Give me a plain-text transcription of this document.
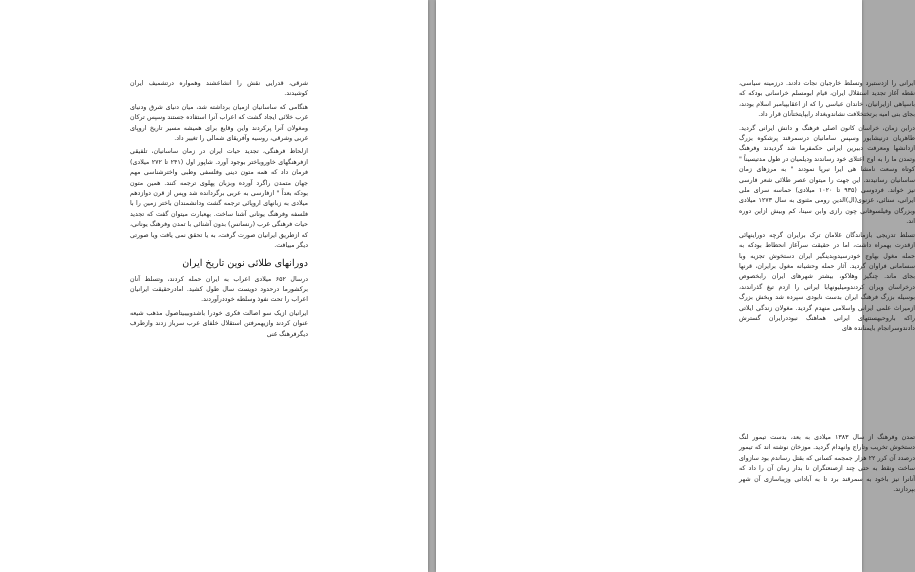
شرقی، قدرایی نقش را انشاعشند وهمواره درتشمیف ایران کوشیدند.

هنگامی که ساسانیان ازمیان برداشته شد، میان دنیای شرق ودنیای غرب خلائی ایجاد گشت که اعراب آنرا استفاده جستند وسپس ترکان ومغولان آنرا پرکردند واین وقایع برای همیشه مسیر تاریخ اروپای غربی وشرقی، روسیه وآفریقای شمالی را تغییر داد.

ازلحاظ فرهنگی، تجدید حیات ایران در زمان ساسانیان، تلفیقی ازفرهنگهای خاوروباختر بوجود آورد. شاپور اول (۲۴۱ تا ۲۷۲ میلادی) فرمان داد که همه متون دینی وفلسفی وطبی واخترشناسی مهم جهان متمدن راگرد آورده وبزبان پهلوی ترجمه کنند. همین متون بودکه بعداً " ازفارسی به عربی برگردانده شد وپس از قرن دوازدهم میلادی به زبانهای اروپائی ترجمه گشت ودانشمندان باختر زمین را با فلسفه وفرهنگ یونانی آشنا ساخت. بهعبارت میتوان گفت که تجدید حیات فرهنگی غرب (رنسانس) بدون آشنائی با تمدن وفرهنگ یونانی، که ازطریق ایرانیان صورت گرفت، به یا تحقق نمی یافت ویا صورتی دیگر مییافت.

دورانهای طلائی نوین تاریخ ایران

درسال ۶۵۲ میلادی اعراب به ایران حمله کردند، وتسلط آنان برکشورما درحدود دویست سال طول کشید. امادرحقیقت ایرانیان اعراب را تحت نفوذ وسلطه خوددرآوردند.

ایرانیان ازیک سو اصالت فکری خودرا باشدوبیبیتاصول مذهب شیعه عنوان کردند وازیهمرفتن استقلال خلفای عرب سرباز زدند وازطرف دیگرفرهنگ غنی

ایرانی را ازدستبرد وتسلط خارجیان نجات دادند. درزمینه سیاسی، نقطه آغاز تجدید استقلال ایران، قیام ابومسلم خراسانی بودکه که باسپاهی ازایرانیان، خاندان عباسی را که از اعقابپیامبر اسلام بودند، بجای بنی امیه برتختخلافت نشاندوبغداد رابپایتختآنان قرار داد.

دراین زمان، خراسان کانون اصلی فرهنگ و دانش ایرانی گردید. طاهریان درنیشابور وسپس سامانیان درسمرقند پرشکوه بزرگ ازدانشها ومعرفت دبیرین ایرانی حکمفرما شد گردیدند وفرهنگ وتمدن ما را به اوج اعتلای خود رساندند ودیلمیان در طول مدتیسیناً " کوتاه وسعت نامشا هی ایرا نبرپا نمودند " به مرزهای زمان ساسانیان رسانیدند. این جهت را میتوان عصر طلائی شعر فارسی نیز خواند. فردوسی (۹۳۵ تا ۱۰۲۰ میلادی) حماسه سرای ملی ایرانی، سنائی، غزنوی(ال)الدین رومی مثنوی به سال ۱۲۷۳ میلادی وبزرگان وفیلسوفانی چون رازی وابن سینا، کم وبیش ازاین دوره اند.

تسلط تدریجی بازماندگان غلامان ترک برایران گرچه دوراینهائی ازقدرت بهمراه داشت، اما در حقیقت سرآغاز انحطاط بودکه به حمله مغول بهاوج خودرسیدوبدینگیر ایران دستخوش تجزیه وبا سسامانی فراوان گردید. آثار حمله وحشیانه مغول برایران، قرنها بجای ماند. چنگیز وهلاکو، بیشتر شهرهای ایران رابخصوص درخراسان ویران کردندومیلیونهابا ایرانی را ازدم تیغ گذراندند، بوسیله بزرگ فرهنگ ایران بدست نابودی سپرده شد وبخش بزرگ ازمیراث علمی ایرانی واسلامی منهدم گردید. مغولان زندگی ایلاتی راکه باروحیهسنتهای ایرانی هماهنگ نبوددرایران گسترش دادندوسرانجام بایمنانده های

تمدن وفرهنگ از سال ۱۳۸۳ میلادی به بعد، بدست تیمور لنگ دستخوش تخریب وتاراج وانهدام گردید. موزخان نوشته اند که تیمور درصدد آن کرر ۲۲ هزار جمجمه کسانی که بقتل رساندم بود سازوای ساخت ونقط به حتی چند ازصنعتگران نا بدار زمان آن را داد که آنانرا نیز باخود به سمرقند برد تا به آبادانی وزیباسازی آن شهر بپردازند.
